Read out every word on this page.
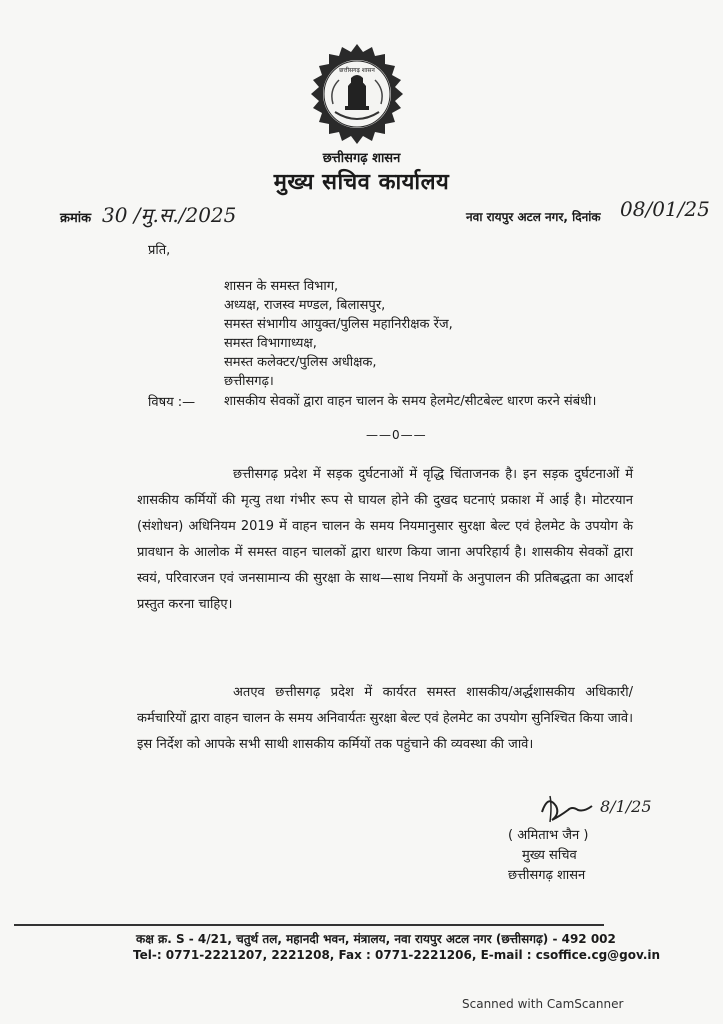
छत्तीसगढ़ शासन
छत्तीसगढ़ शासन
मुख्य सचिव कार्यालय
क्रमांक 30 /मु.स./2025	नवा रायपुर अटल नगर, दिनांक 08/01/25
प्रति,
शासन के समस्त विभाग,
अध्यक्ष, राजस्व मण्डल, बिलासपुर,
समस्त संभागीय आयुक्त/पुलिस महानिरीक्षक रेंज,
समस्त विभागाध्यक्ष,
समस्त कलेक्टर/पुलिस अधीक्षक,
छत्तीसगढ़।
विषय :— शासकीय सेवकों द्वारा वाहन चालन के समय हेलमेट/सीटबेल्ट धारण करने संबंधी।
——0——
छत्तीसगढ़ प्रदेश में सड़क दुर्घटनाओं में वृद्धि चिंताजनक है। इन सड़क दुर्घटनाओं में शासकीय कर्मियों की मृत्यु तथा गंभीर रूप से घायल होने की दुखद घटनाएं प्रकाश में आई है। मोटरयान (संशोधन) अधिनियम 2019 में वाहन चालन के समय नियमानुसार सुरक्षा बेल्ट एवं हेलमेट के उपयोग के प्रावधान के आलोक में समस्त वाहन चालकों द्वारा धारण किया जाना अपरिहार्य है। शासकीय सेवकों द्वारा स्वयं, परिवारजन एवं जनसामान्य की सुरक्षा के साथ—साथ नियमों के अनुपालन की प्रतिबद्धता का आदर्श प्रस्तुत करना चाहिए।
अतएव छत्तीसगढ़ प्रदेश में कार्यरत समस्त शासकीय/अर्द्धशासकीय अधिकारी/कर्मचारियों द्वारा वाहन चालन के समय अनिवार्यतः सुरक्षा बेल्ट एवं हेलमेट का उपयोग सुनिश्चित किया जावे। इस निर्देश को आपके सभी साथी शासकीय कर्मियों तक पहुंचाने की व्यवस्था की जावे।
8/1/25
( अमिताभ जैन )
मुख्य सचिव
छत्तीसगढ़ शासन
कक्ष क्र. S - 4/21, चतुर्थ तल, महानदी भवन, मंत्रालय, नवा रायपुर अटल नगर (छत्तीसगढ़) - 492 002
Tel-: 0771-2221207, 2221208, Fax : 0771-2221206, E-mail : csoffice.cg@gov.in
Scanned with CamScanner
